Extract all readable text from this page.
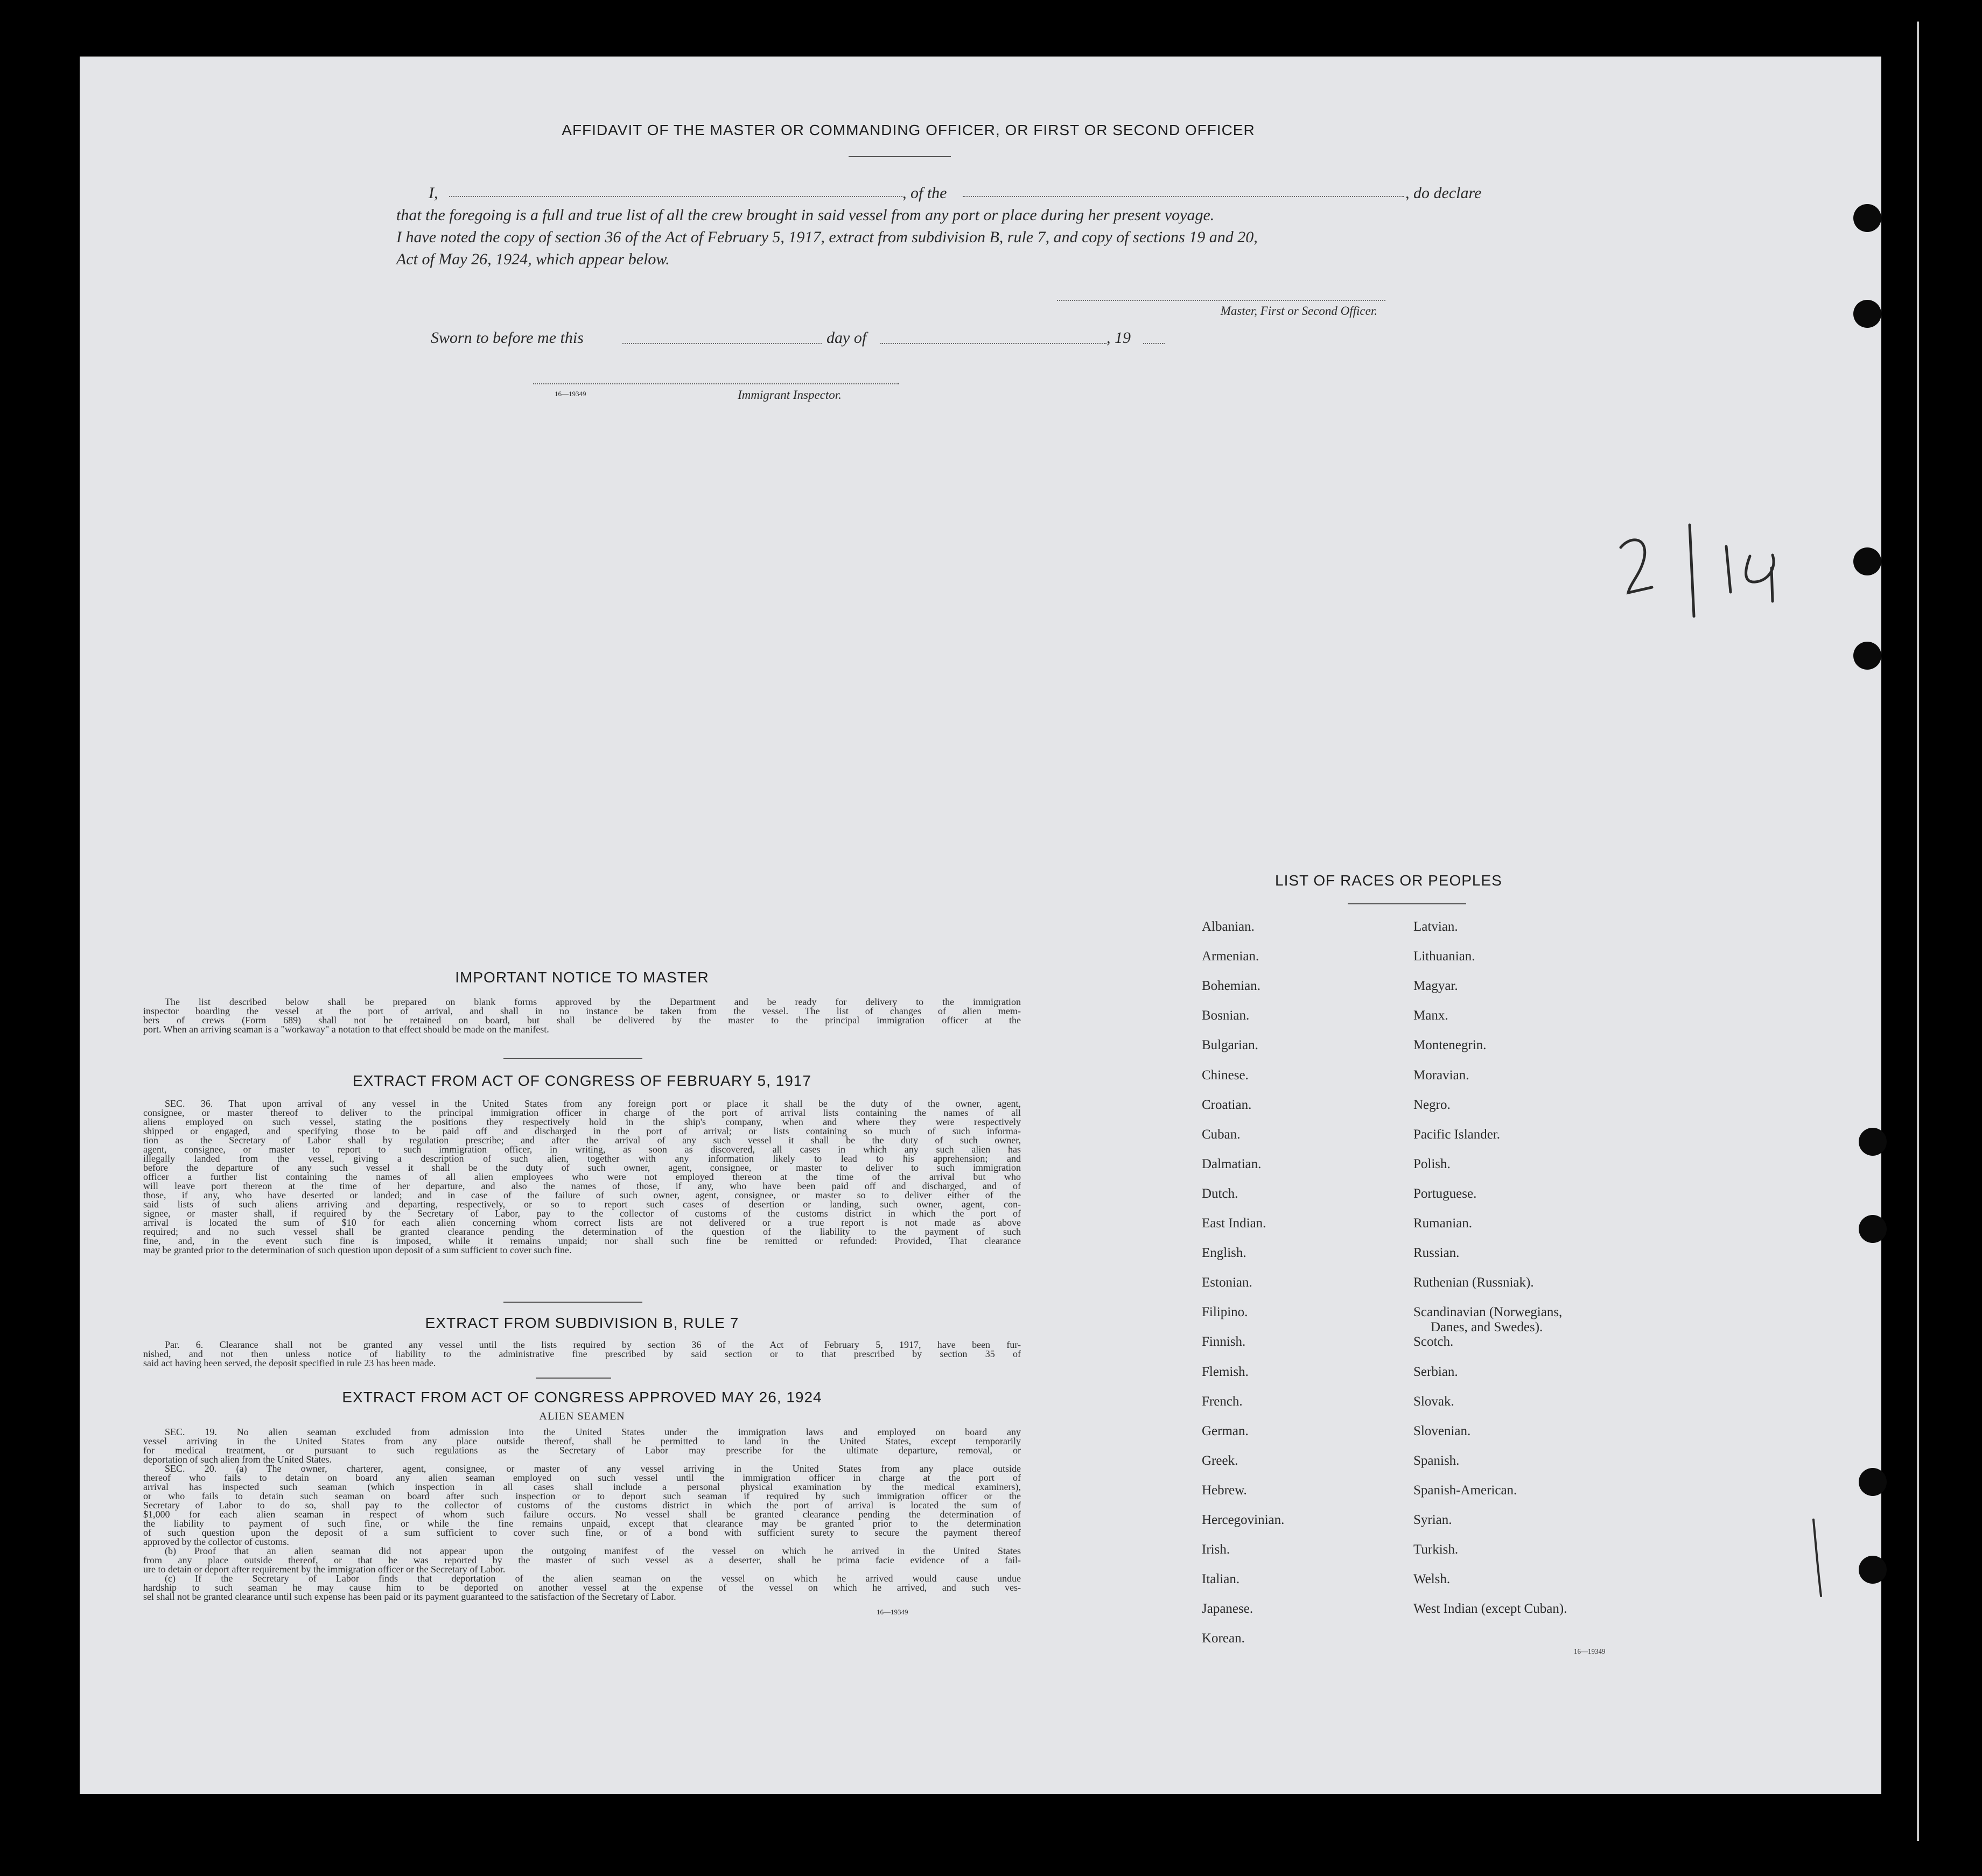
AFFIDAVIT OF THE MASTER OR COMMANDING OFFICER, OR FIRST OR SECOND OFFICER
I,	, of the	, do declare
that the foregoing is a full and true list of all the crew brought in said vessel from any port or place during her present voyage.
I have noted the copy of section 36 of the Act of February 5, 1917, extract from subdivision B, rule 7, and copy of sections 19 and 20,
Act of May 26, 1924, which appear below.
Master, First or Second Officer.
Sworn to before me this	day of	, 19
16—19349	Immigrant Inspector.
2/16
1
IMPORTANT NOTICE TO MASTER

The list described below shall be prepared on blank forms approved by the Department and be ready for delivery to the immigration

inspector boarding the vessel at the port of arrival, and shall in no instance be taken from the vessel. The list of changes of alien mem-

bers of crews (Form 689) shall not be retained on board, but shall be delivered by the master to the principal immigration officer at the

port. When an arriving seaman is a "workaway" a notation to that effect should be made on the manifest.

EXTRACT FROM ACT OF CONGRESS OF FEBRUARY 5, 1917

SEC. 36. That upon arrival of any vessel in the United States from any foreign port or place it shall be the duty of the owner, agent,

consignee, or master thereof to deliver to the principal immigration officer in charge of the port of arrival lists containing the names of all

aliens employed on such vessel, stating the positions they respectively hold in the ship's company, when and where they were respectively

shipped or engaged, and specifying those to be paid off and discharged in the port of arrival; or lists containing so much of such informa-

tion as the Secretary of Labor shall by regulation prescribe; and after the arrival of any such vessel it shall be the duty of such owner,

agent, consignee, or master to report to such immigration officer, in writing, as soon as discovered, all cases in which any such alien has

illegally landed from the vessel, giving a description of such alien, together with any information likely to lead to his apprehension; and

before the departure of any such vessel it shall be the duty of such owner, agent, consignee, or master to deliver to such immigration

officer a further list containing the names of all alien employees who were not employed thereon at the time of the arrival but who

will leave port thereon at the time of her departure, and also the names of those, if any, who have been paid off and discharged, and of

those, if any, who have deserted or landed; and in case of the failure of such owner, agent, consignee, or master so to deliver either of the

said lists of such aliens arriving and departing, respectively, or so to report such cases of desertion or landing, such owner, agent, con-

signee, or master shall, if required by the Secretary of Labor, pay to the collector of customs of the customs district in which the port of

arrival is located the sum of $10 for each alien concerning whom correct lists are not delivered or a true report is not made as above

required; and no such vessel shall be granted clearance pending the determination of the question of the liability to the payment of such

fine, and, in the event such fine is imposed, while it remains unpaid; nor shall such fine be remitted or refunded: Provided, That clearance

may be granted prior to the determination of such question upon deposit of a sum sufficient to cover such fine.

EXTRACT FROM SUBDIVISION B, RULE 7

Par. 6. Clearance shall not be granted any vessel until the lists required by section 36 of the Act of February 5, 1917, have been fur-

nished, and not then unless notice of liability to the administrative fine prescribed by said section or to that prescribed by section 35 of

said act having been served, the deposit specified in rule 23 has been made.

EXTRACT FROM ACT OF CONGRESS APPROVED MAY 26, 1924
ALIEN SEAMEN

SEC. 19. No alien seaman excluded from admission into the United States under the immigration laws and employed on board any

vessel arriving in the United States from any place outside thereof, shall be permitted to land in the United States, except temporarily

for medical treatment, or pursuant to such regulations as the Secretary of Labor may prescribe for the ultimate departure, removal, or

deportation of such alien from the United States.

SEC. 20. (a) The owner, charterer, agent, consignee, or master of any vessel arriving in the United States from any place outside

thereof who fails to detain on board any alien seaman employed on such vessel until the immigration officer in charge at the port of

arrival has inspected such seaman (which inspection in all cases shall include a personal physical examination by the medical examiners),

or who fails to detain such seaman on board after such inspection or to deport such seaman if required by such immigration officer or the

Secretary of Labor to do so, shall pay to the collector of customs of the customs district in which the port of arrival is located the sum of

$1,000 for each alien seaman in respect of whom such failure occurs. No vessel shall be granted clearance pending the determination of

the liability to payment of such fine, or while the fine remains unpaid, except that clearance may be granted prior to the determination

of such question upon the deposit of a sum sufficient to cover such fine, or of a bond with sufficient surety to secure the payment thereof

approved by the collector of customs.

(b) Proof that an alien seaman did not appear upon the outgoing manifest of the vessel on which he arrived in the United States

from any place outside thereof, or that he was reported by the master of such vessel as a deserter, shall be prima facie evidence of a fail-

ure to detain or deport after requirement by the immigration officer or the Secretary of Labor.

(c) If the Secretary of Labor finds that deportation of the alien seaman on the vessel on which he arrived would cause undue

hardship to such seaman he may cause him to be deported on another vessel at the expense of the vessel on which he arrived, and such ves-

sel shall not be granted clearance until such expense has been paid or its payment guaranteed to the satisfaction of the Secretary of Labor.

16—19349
LIST OF RACES OR PEOPLES
Albanian.
Armenian.
Bohemian.
Bosnian.
Bulgarian.
Chinese.
Croatian.
Cuban.
Dalmatian.
Dutch.
East Indian.
English.
Estonian.
Filipino.
Finnish.
Flemish.
French.
German.
Greek.
Hebrew.
Hercegovinian.
Irish.
Italian.
Japanese.
Korean.
Latvian.
Lithuanian.
Magyar.
Manx.
Montenegrin.
Moravian.
Negro.
Pacific Islander.
Polish.
Portuguese.
Rumanian.
Russian.
Ruthenian (Russniak).
Scandinavian (Norwegians,
Danes, and Swedes).
Scotch.
Serbian.
Slovak.
Slovenian.
Spanish.
Spanish-American.
Syrian.
Turkish.
Welsh.
West Indian (except Cuban).
16—19349
